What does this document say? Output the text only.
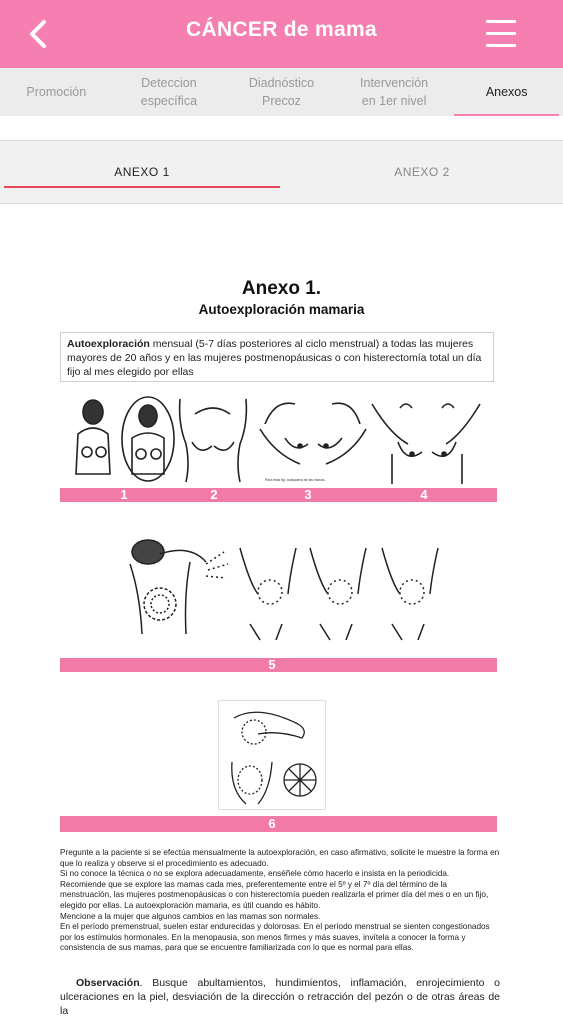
CÁNCER de mama
Promoción
Deteccion
específica
Diadnóstico
Precoz
Intervención
en 1er nivel
Anexos
ANEXO 1	ANEXO 2
Anexo 1.
Autoexploración mamaria
Autoexploración mensual (5-7 días posteriores al ciclo menstrual) a todas las mujeres mayores de 20 años y en las mujeres postmenopáusicas o con histerectomía total un día fijo al mes elegido por ellas
Para esta fig. cualquiera de las manos.
1	2	3	4
5
6
Pregunte a la paciente si se efectúa mensualmente la autoexploración, en caso afirmativo, solicite le muestre la forma en que lo realiza y observe si el procedimiento es adecuado.
Si no conoce la técnica o no se explora adecuadamente, enséñele cómo hacerlo e insista en la periodicida.
Recomiende que se explore las mamas cada mes, preferentemente entre el 5º y el 7º día del término de la menstruación, las mujeres postmenopáusicas o con histerectomía pueden realizarla el primer día del mes o en un fijo, elegido por ellas. La autoexploración mamaria, es útil cuando es hábito.
Mencione a la mujer que algunos cambios en las mamas son normales.
En el período premenstrual, suelen estar endurecidas y dolorosas. En el período menstrual se sienten congestionados por los estímulos hormonales. En la menopausia, son menos firmes y más suaves, invítela a conocer la forma y consistencia de sus mamas, para que se encuentre familiarizada con lo que es normal para ellas.
Observación. Busque abultamientos, hundimientos, inflamación, enrojecimiento o ulceraciones en la piel, desviación de la dirección o retracción del pezón o de otras áreas de la
